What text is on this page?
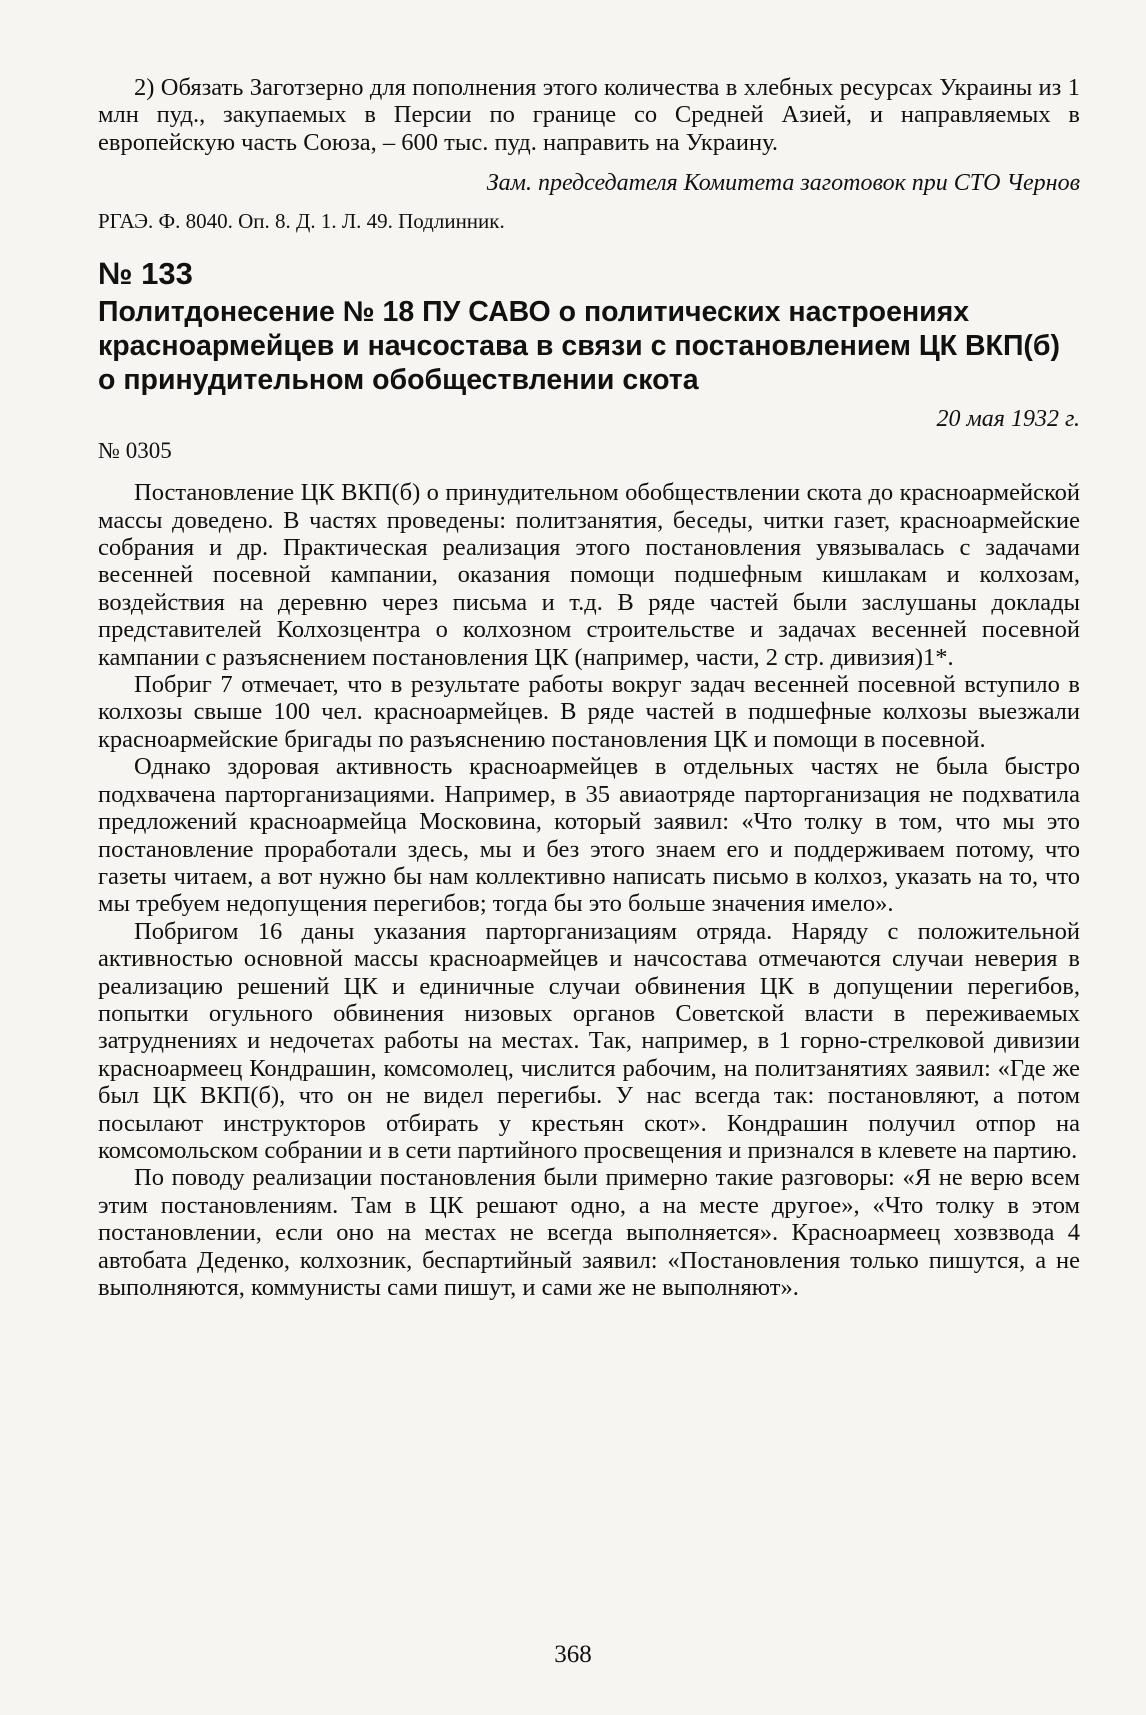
2) Обязать Заготзерно для пополнения этого количества в хлебных ресурсах Украины из 1 млн пуд., закупаемых в Персии по границе со Средней Азией, и направляемых в европейскую часть Союза, – 600 тыс. пуд. направить на Украину.

Зам. председателя Комитета заготовок при СТО Чернов
РГАЭ. Ф. 8040. Оп. 8. Д. 1. Л. 49. Подлинник.
№ 133
Политдонесение № 18 ПУ САВО о политических настроениях красноармейцев и начсостава в связи с постановлением ЦК ВКП(б) о принудительном обобществлении скота
20 мая 1932 г.
№ 0305

Постановление ЦК ВКП(б) о принудительном обобществлении скота до красноармейской массы доведено. В частях проведены: политзанятия, беседы, читки газет, красноармейские собрания и др. Практическая реализация этого постановления увязывалась с задачами весенней посевной кампании, оказания помощи подшефным кишлакам и колхозам, воздействия на деревню через письма и т.д. В ряде частей были заслушаны доклады представителей Колхозцентра о колхозном строительстве и задачах весенней посевной кампании с разъяснением постановления ЦК (например, части, 2 стр. дивизия)1*.

Побриг 7 отмечает, что в результате работы вокруг задач весенней посевной вступило в колхозы свыше 100 чел. красноармейцев. В ряде частей в подшефные колхозы выезжали красноармейские бригады по разъяснению постановления ЦК и помощи в посевной.

Однако здоровая активность красноармейцев в отдельных частях не была быстро подхвачена парторганизациями. Например, в 35 авиаотряде парторганизация не подхватила предложений красноармейца Московина, который заявил: «Что толку в том, что мы это постановление проработали здесь, мы и без этого знаем его и поддерживаем потому, что газеты читаем, а вот нужно бы нам коллективно написать письмо в колхоз, указать на то, что мы требуем недопущения перегибов; тогда бы это больше значения имело».

Побригом 16 даны указания парторганизациям отряда. Наряду с положительной активностью основной массы красноармейцев и начсостава отмечаются случаи неверия в реализацию решений ЦК и единичные случаи обвинения ЦК в допущении перегибов, попытки огульного обвинения низовых органов Советской власти в переживаемых затруднениях и недочетах работы на местах. Так, например, в 1 горно-стрелковой дивизии красноармеец Кондрашин, комсомолец, числится рабочим, на политзанятиях заявил: «Где же был ЦК ВКП(б), что он не видел перегибы. У нас всегда так: постановляют, а потом посылают инструкторов отбирать у крестьян скот». Кондрашин получил отпор на комсомольском собрании и в сети партийного просвещения и признался в клевете на партию.

По поводу реализации постановления были примерно такие разговоры: «Я не верю всем этим постановлениям. Там в ЦК решают одно, а на месте другое», «Что толку в этом постановлении, если оно на местах не всегда выполняется». Красноармеец хозвзвода 4 автобата Деденко, колхозник, беспартийный заявил: «Постановления только пишутся, а не выполняются, коммунисты сами пишут, и сами же не выполняют».

368
